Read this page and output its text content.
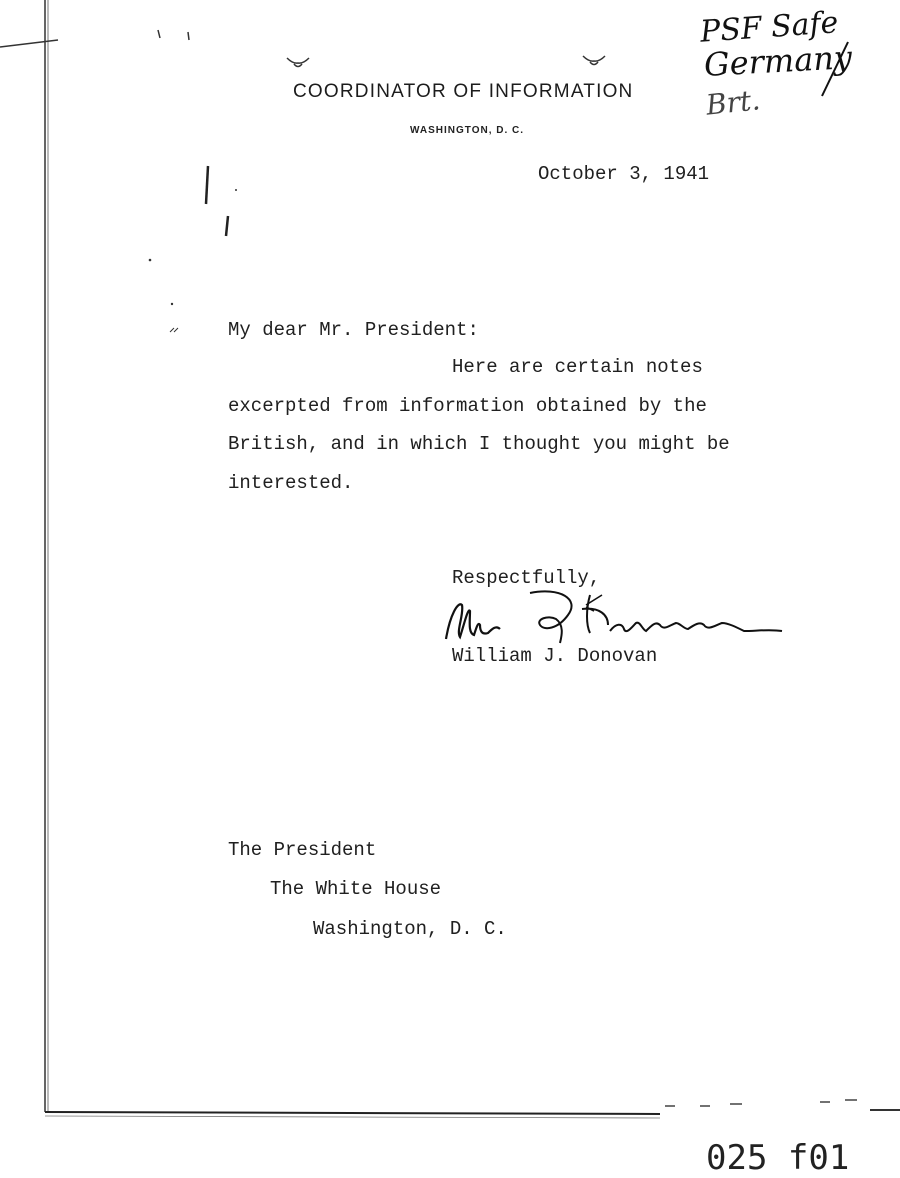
COORDINATOR OF INFORMATION
WASHINGTON, D. C.
PSF Safe
Germany
Brt.
October 3, 1941
My dear Mr. President:
Here are certain notes
excerpted from information obtained by the
British, and in which I thought you might be
interested.
Respectfully,
William J. Donovan
The President
The White House
Washington, D. C.
025 f01
